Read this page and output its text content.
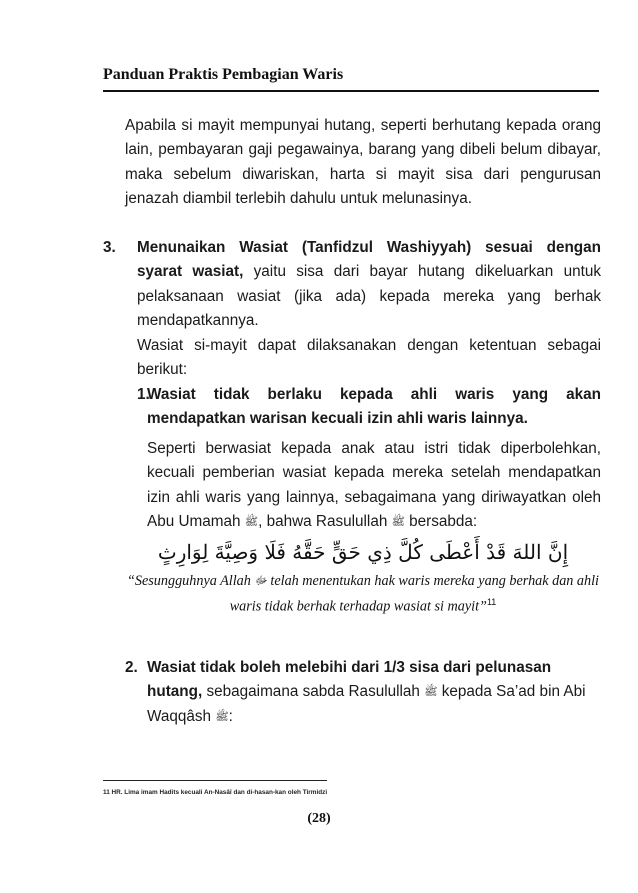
Panduan Praktis Pembagian Waris
Apabila si mayit mempunyai hutang, seperti berhutang kepada orang lain, pembayaran gaji pegawainya, barang yang dibeli belum dibayar, maka sebelum diwariskan, harta si mayit sisa dari pengurusan jenazah diambil terlebih dahulu untuk melunasinya.
3. Menunaikan Wasiat (Tanfidzul Washiyyah) sesuai dengan syarat wasiat, yaitu sisa dari bayar hutang dikeluarkan untuk pelaksanaan wasiat (jika ada) kepada mereka yang berhak mendapatkannya.
Wasiat si-mayit dapat dilaksanakan dengan ketentuan sebagai berikut:
1.
Wasiat tidak berlaku kepada ahli waris yang akan mendapatkan warisan kecuali izin ahli waris lainnya.
Seperti berwasiat kepada anak atau istri tidak diperbolehkan, kecuali pemberian wasiat kepada mereka setelah mendapatkan izin ahli waris yang lainnya, sebagaimana yang diriwayatkan oleh Abu Umamah ﷺ, bahwa Rasulullah ﷺ bersabda:
إِنَّ اللهَ قَدْ أَعْطَى كُلَّ ذِي حَقٍّ حَقَّهُ فَلَا وَصِيَّةَ لِوَارِثٍ
“Sesungguhnya Allah ﷻ telah menentukan hak waris mereka yang berhak dan ahli waris tidak berhak terhadap wasiat si mayit”$^{11}$
2. Wasiat tidak boleh melebihi dari 1/3 sisa dari pelunasan hutang, sebagaimana sabda Rasulullah ﷺ kepada Sa’ad bin Abi Waqqâsh ﷺ:
11 HR. Lima imam Hadits kecuali An-Nasâî dan di-hasan-kan oleh Tirmidzi
(28)
